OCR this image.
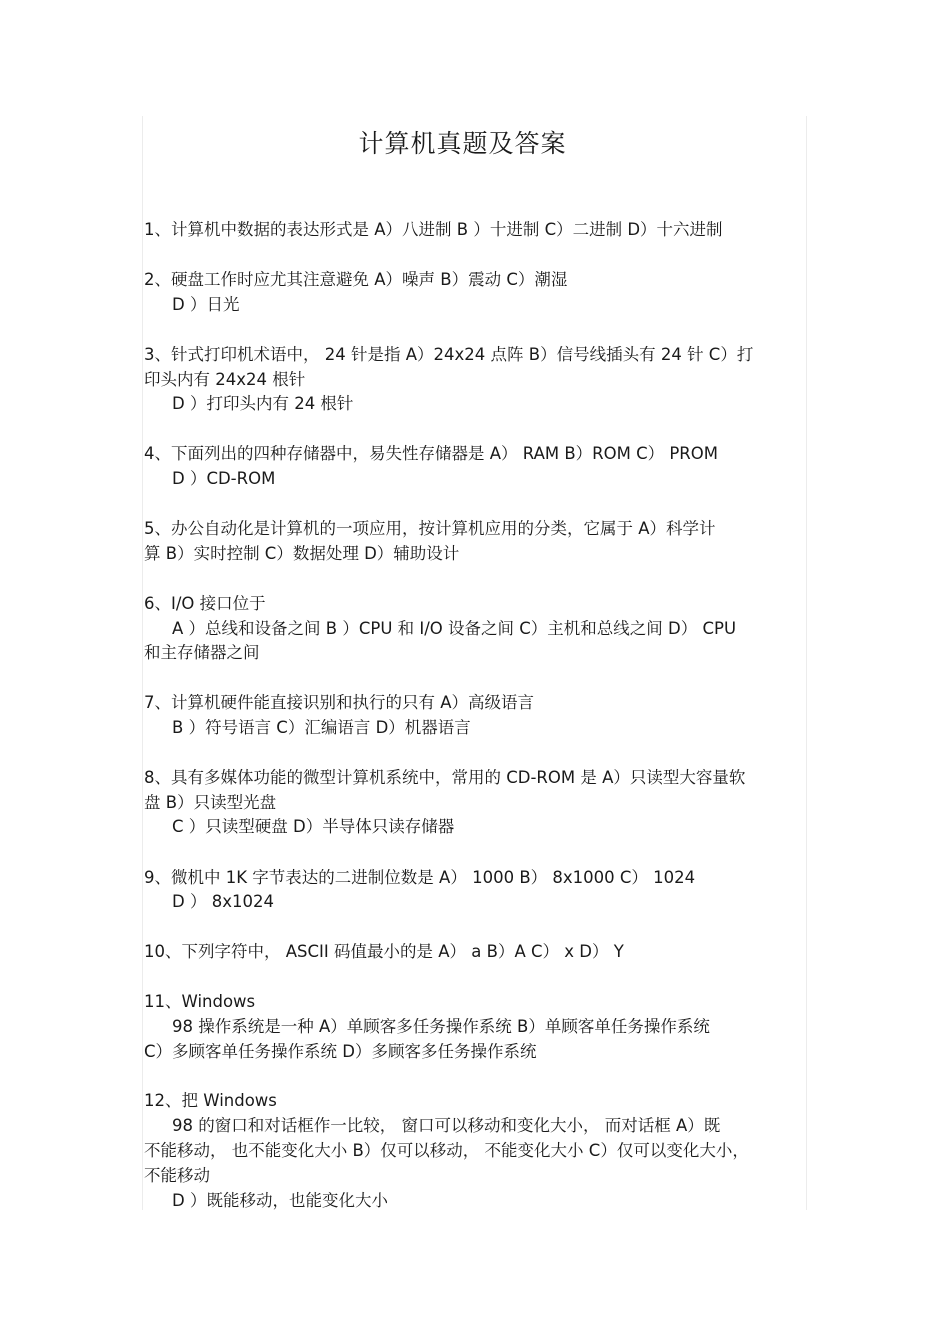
计算机真题及答案
1、计算机中数据的表达形式是 A）八进制 B ）十进制 C）二进制 D）十六进制
2、硬盘工作时应尤其注意避免 A）噪声 B）震动 C）潮湿
D ）日光
3、针式打印机术语中， 24 针是指 A）24x24 点阵 B）信号线插头有 24 针 C）打
印头内有 24x24 根针
D ）打印头内有 24 根针
4、下面列出的四种存储器中，易失性存储器是 A） RAM B）ROM C） PROM
D ）CD-ROM
5、办公自动化是计算机的一项应用，按计算机应用的分类，它属于 A）科学计
算 B）实时控制 C）数据处理 D）辅助设计
6、I/O 接口位于
A ）总线和设备之间 B ）CPU 和 I/O 设备之间 C）主机和总线之间 D） CPU
和主存储器之间
7、计算机硬件能直接识别和执行的只有 A）高级语言
B ）符号语言 C）汇编语言 D）机器语言
8、具有多媒体功能的微型计算机系统中，常用的 CD-ROM 是 A）只读型大容量软
盘 B）只读型光盘
C ）只读型硬盘 D）半导体只读存储器
9、微机中 1K 字节表达的二进制位数是 A） 1000 B） 8x1000 C） 1024
D ） 8x1024
10、下列字符中， ASCII 码值最小的是 A） a B）A C） x D） Y
11、Windows
98 操作系统是一种 A）单顾客多任务操作系统 B）单顾客单任务操作系统
C）多顾客单任务操作系统 D）多顾客多任务操作系统
12、把 Windows
98 的窗口和对话框作一比较， 窗口可以移动和变化大小， 而对话框 A）既
不能移动， 也不能变化大小 B）仅可以移动， 不能变化大小 C）仅可以变化大小，
不能移动
D ）既能移动，也能变化大小
